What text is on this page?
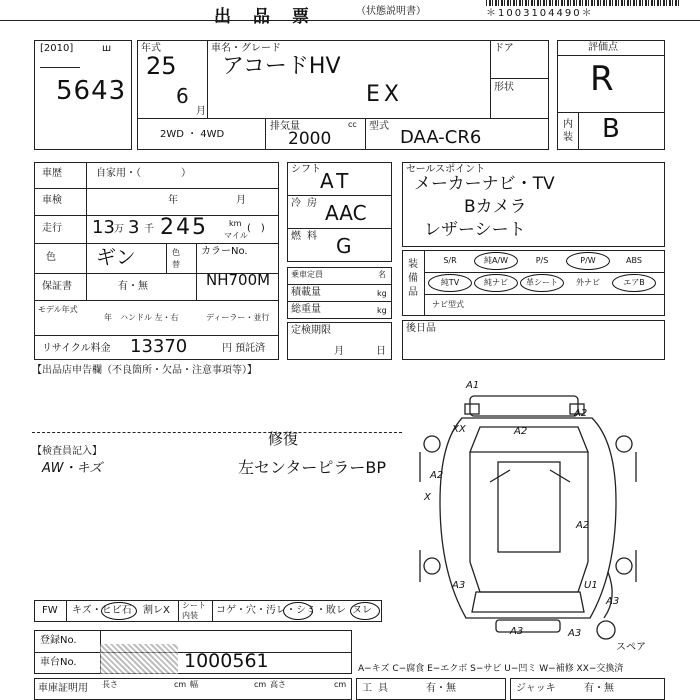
出品票	（状態説明書）	＊1003104490＊
[2010]	ш
5643
年式
25
6
月
車名・グレード
アコードHV
EX
ドア
形状
2WD ・ 4WD
排気量
2000
cc 型式
DAA-CR6
評価点
R
内装 B
車歴	自家用・（　　　　）
車検	年	月
走行 13 万 3 千 245	km
マイル
(　)
色 ギン	色替
カラーNo.
NH700M
保証書	有・無
モデル年式
年 ハンドル 左・右	ディーラー・並行
リサイクル料金 13370	円 預託済
シフト AT
冷房 AAC
燃料 G
乗車定員	名
積載量	kg
総重量	kg
定検期限
月	日
セールスポイント
メーカーナビ・TV
Bカメラ
レザーシート
装備品
S/R	純A/W	P/S	P/W	ABS
純TV	純ナビ	革シート	外ナビ	エアB
ナビ型式
後日品
【出品店申告欄（不良箇所・欠品・注意事項等）】
【検査員記入】
AW・キズ
修復
左センターピラーBP
A1
A2
XX
A2
A2
A2
X
A3	U1
A3
A3	A3
スペア
FW キズ・ヒビ石 割レX シート内装	コゲ・穴・汚レ・シミ・敗レ ヌレ
登録No.
車台No.	1000561	A−キズ C−腐食 E−エクボ S−サビ U−凹ミ W−補修 XX−交換済
車庫証明用 長さ	cm 幅	cm 高さ	cm 工具	有・無	ジャッキ	有・無
